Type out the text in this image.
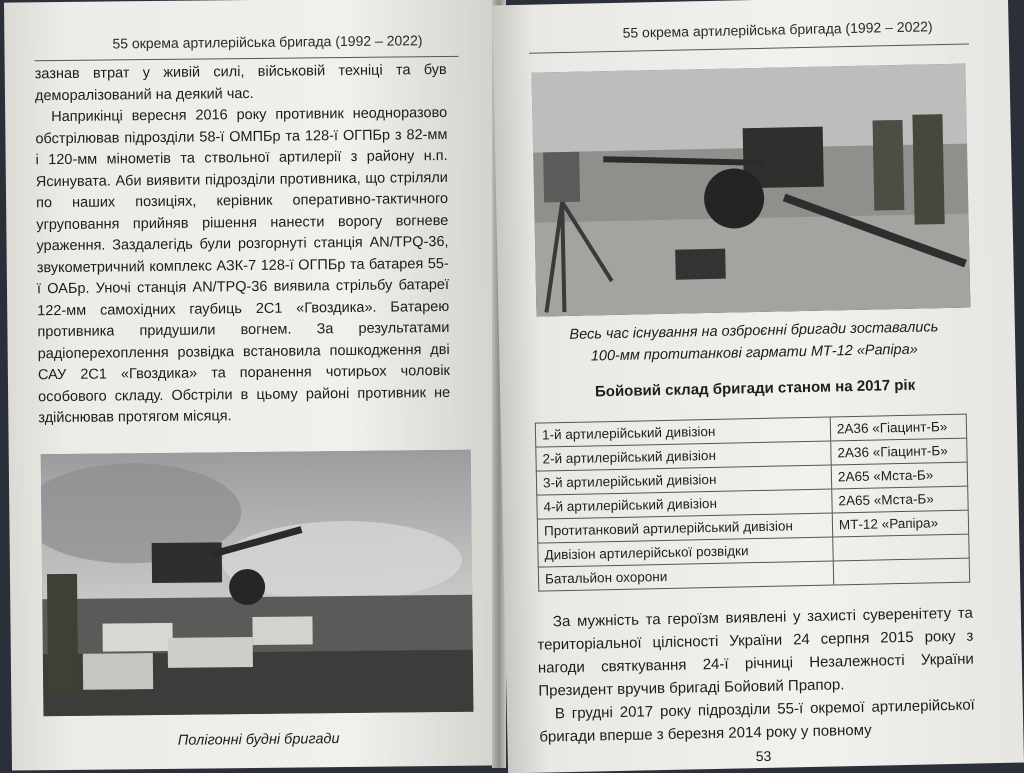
55 окрема артилерійська бригада (1992 – 2022)

зазнав втрат у живій силі, військовій техніці та був деморалізований на деякий час.

Наприкінці вересня 2016 року противник неодноразово обстрілював підрозділи 58-ї ОМПБр та 128-ї ОГПБр з 82-мм і 120-мм мінометів та ствольної артилерії з району н.п. Ясинувата. Аби виявити підрозділи противника, що стріляли по наших позиціях, керівник оперативно-тактичного угруповання прийняв рішення нанести ворогу вогневе ураження. Заздалегідь були розгорнуті станція AN/TPQ-36, звукометричний комплекс АЗК-7 128-ї ОГПБр та батарея 55-ї ОАБр. Уночі станція AN/TPQ-36 виявила стрільбу батареї 122-мм самохідних гаубиць 2С1 «Гвоздика». Батарею противника придушили вогнем. За результатами радіоперехоплення розвідка встановила пошкодження дві САУ 2С1 «Гвоздика» та поранення чотирьох чоловік особового складу. Обстріли в цьому районі противник не здійснював протягом місяця.

Полігонні будні бригади
55 окрема артилерійська бригада (1992 – 2022)
Весь час існування на озброєнні бригади зоставались
100-мм протитанкові гармати МТ-12 «Рапіра»
Бойовий склад бригади станом на 2017 рік
1-й артилерійський дивізіон	2А36 «Гіацинт-Б»
2-й артилерійський дивізіон	2А36 «Гіацинт-Б»
3-й артилерійський дивізіон	2А65 «Мста-Б»
4-й артилерійський дивізіон	2А65 «Мста-Б»
Протитанковий артилерійський дивізіон	МТ-12 «Рапіра»
Дивізіон артилерійської розвідки	
Батальйон охорони	

За мужність та героїзм виявлені у захисті суверенітету та територіальної цілісності України 24 серпня 2015 року з нагоди святкування 24-ї річниці Незалежності України Президент вручив бригаді Бойовий Прапор.

В грудні 2017 року підрозділи 55-ї окремої артилерійської бригади вперше з березня 2014 року у повному

53
